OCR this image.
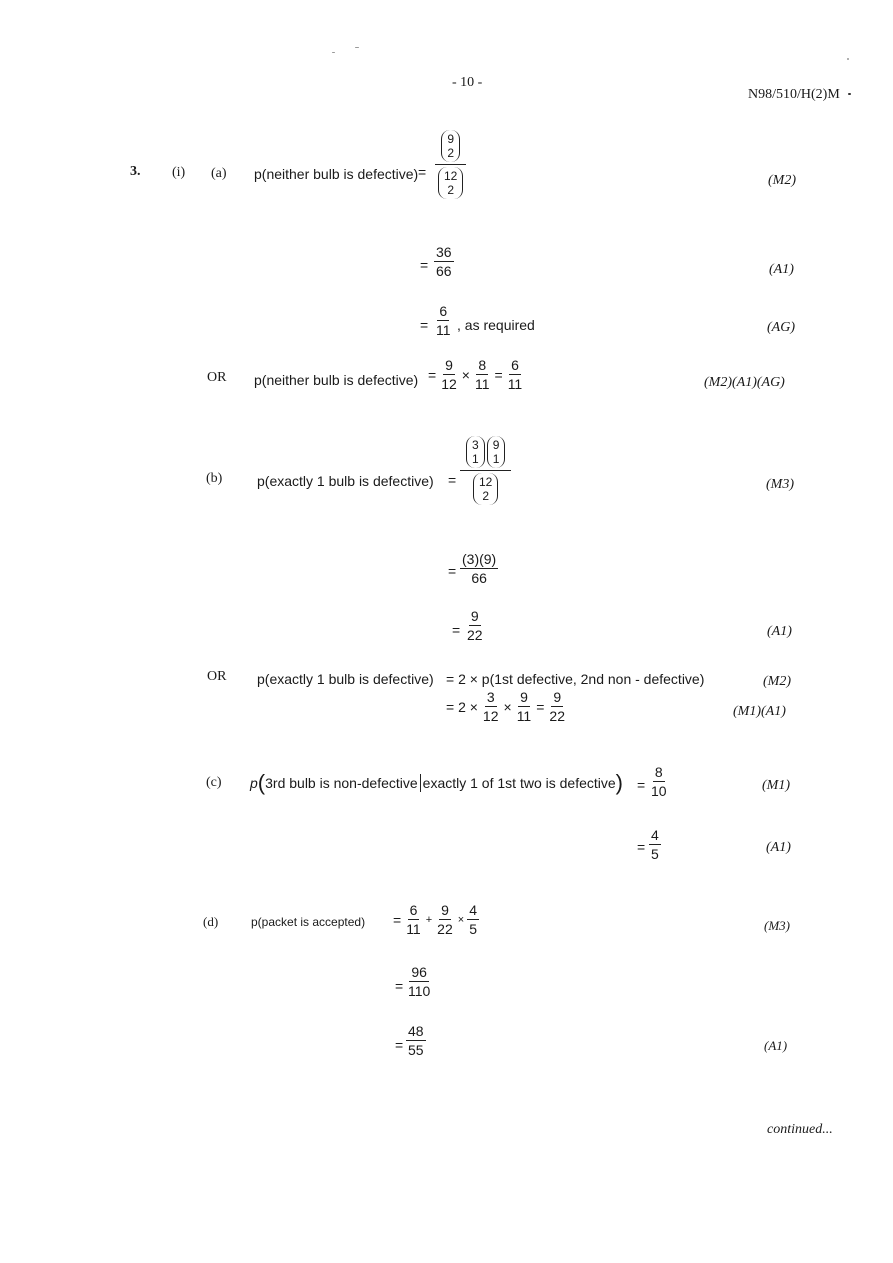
- 10 -
N98/510/H(2)M
3. (i) (a) p(neither bulb is defective) = 9
2
12
2	(M2)
= $\frac{36}{66}$	(A1)
= $\frac{6}{11}$ , as required	(AG)
OR p(neither bulb is defective) = $\frac{9}{12} \times \frac{8}{11} = \frac{6}{11}$	(M2)(A1)(AG)
(b) p(exactly 1 bulb is defective) = 3
1
9
1
12
2	(M3)
= $\frac{(3)(9)}{66}$
= $\frac{9}{22}$	(A1)
OR p(exactly 1 bulb is defective) = 2 × p(1st defective, 2nd non - defective)	(M2)
= $2 \times \frac{3}{12} \times \frac{9}{11} = \frac{9}{22}$	(M1)(A1)
(c) p ( 3rd bulb is non-defective exactly 1 of 1st two is defective ) = $\frac{8}{10}$	(M1)
= $\frac{4}{5}$	(A1)
(d)	p(packet is accepted) = $\frac{6}{11} + \frac{9}{22} \times \frac{4}{5}$	(M3)
= $\frac{96}{110}$
= $\frac{48}{55}$	(A1)
continued...
